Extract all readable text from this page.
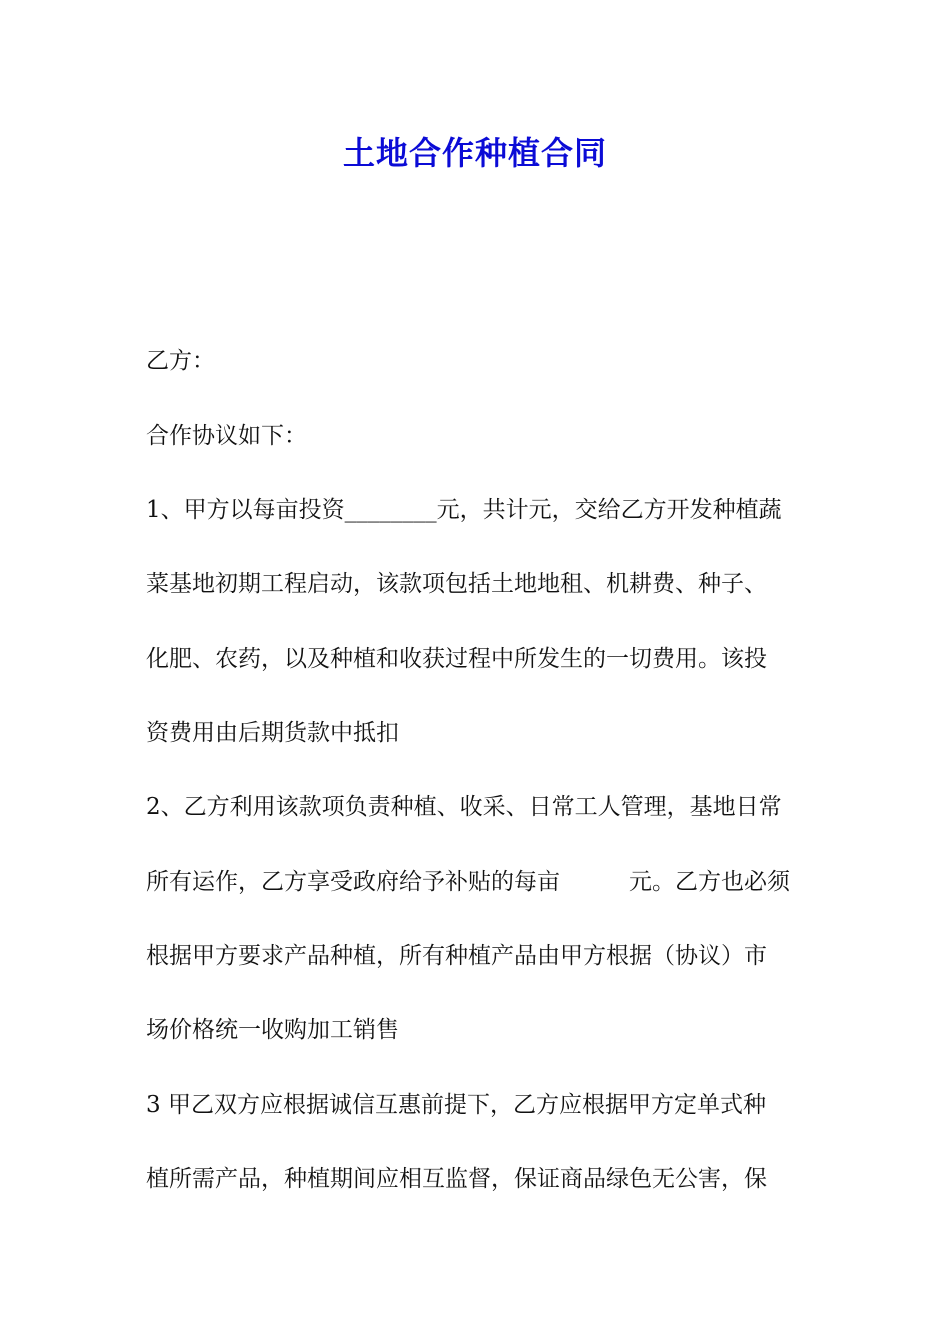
土地合作种植合同

乙方：

合作协议如下：

1、甲方以每亩投资________元，共计元，交给乙方开发种植蔬

菜基地初期工程启动，该款项包括土地地租、机耕费、种子、

化肥、农药，以及种植和收获过程中所发生的一切费用。该投

资费用由后期货款中抵扣

2、乙方利用该款项负责种植、收采、日常工人管理，基地日常

所有运作，乙方享受政府给予补贴的每亩　　　元。乙方也必须

根据甲方要求产品种植，所有种植产品由甲方根据（协议）市

场价格统一收购加工销售

3 甲乙双方应根据诚信互惠前提下，乙方应根据甲方定单式种

植所需产品，种植期间应相互监督，保证商品绿色无公害，保
